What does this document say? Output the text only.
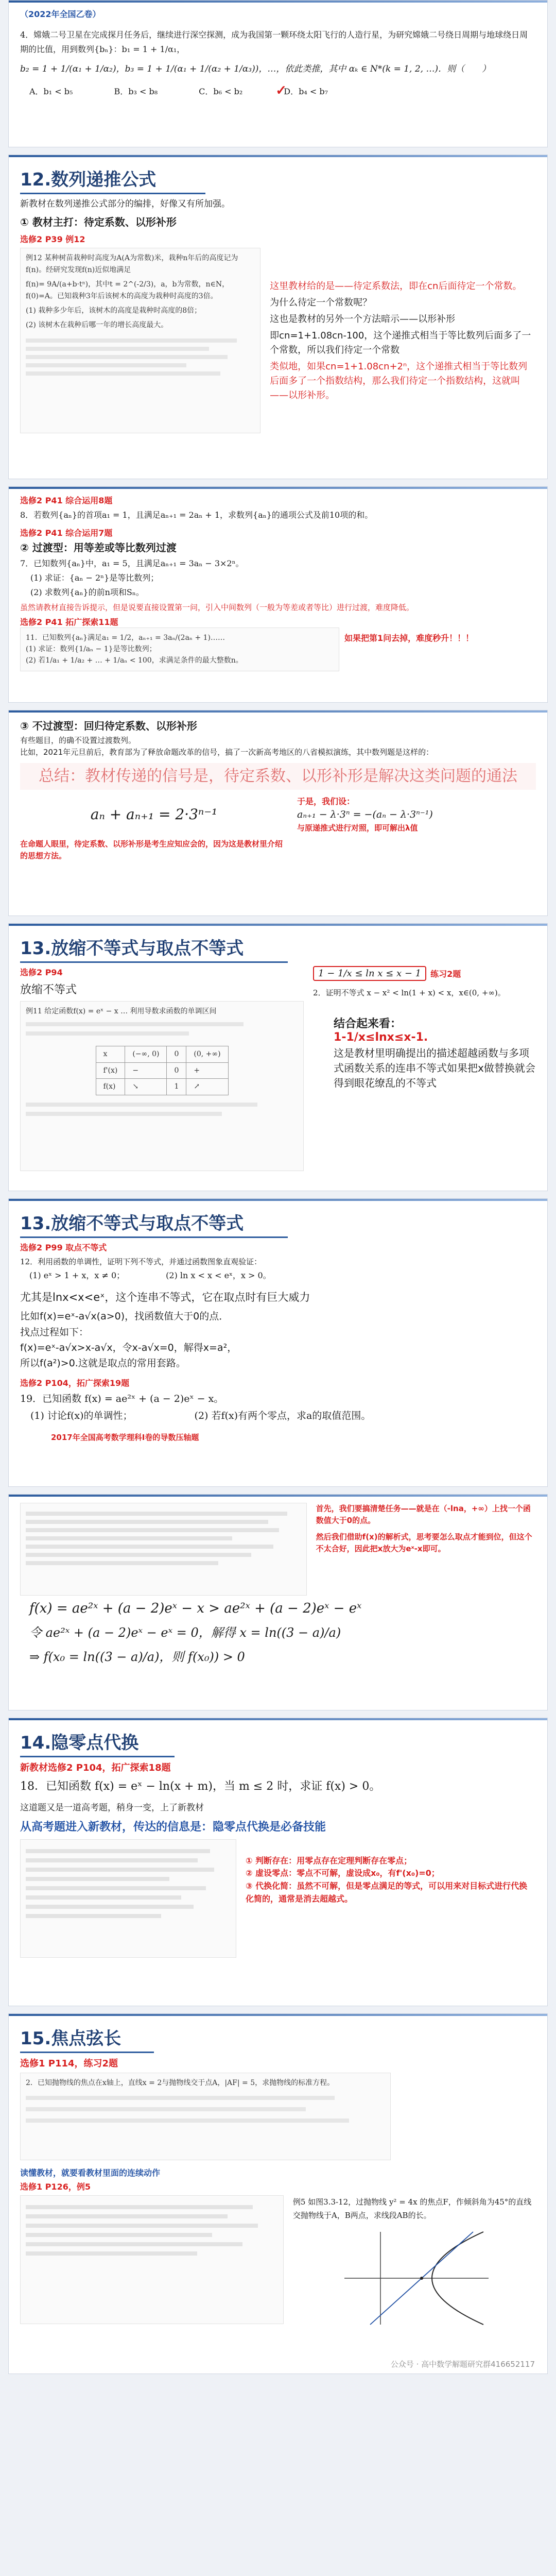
（2022年全国乙卷）

4．嫦娥二号卫星在完成探月任务后，继续进行深空探测，成为我国第一颗环绕太阳飞行的人造行星，为研究嫦娥二号绕日周期与地球绕日周期的比值，用到数列{bₙ}：b₁ = 1 + 1/α₁，

b₂ = 1 + 1/(α₁ + 1/α₂)，b₃ = 1 + 1/(α₁ + 1/(α₂ + 1/α₃))，…，依此类推，其中 αₖ ∈ N*(k = 1, 2, …)．则（　　）

A．b₁ < b₅	B．b₃ < b₈	C．b₆ < b₂ ✓
D．b₄ < b₇
12.数列递推公式

新教材在数列递推公式部分的编排，好像又有所加强。

① 教材主打：待定系数、以形补形

选修2 P39 例12

例12 某种树苗栽种时高度为A(A为常数)米，栽种n年后的高度记为f(n)。经研究发现f(n)近似地满足

f(n)= 9A/(a+b·tⁿ)，其中t = 2^(-2/3)，a，b为常数，n∈N，f(0)=A。已知栽种3年后该树木的高度为栽种时高度的3倍。

(1) 栽种多少年后，该树木的高度是栽种时高度的8倍；

(2) 该树木在栽种后哪一年的增长高度最大。

这里教材给的是——待定系数法，即在cn后面待定一个常数。

为什么待定一个常数呢？

这也是教材的另外一个方法暗示——以形补形

即cn=1+1.08cn-100，这个递推式相当于等比数列后面多了一个常数，所以我们待定一个常数

类似地，如果cn=1+1.08cn+2ⁿ，这个递推式相当于等比数列后面多了一个指数结构，那么我们待定一个指数结构，这就叫——以形补形。

选修2 P41 综合运用8题

8．若数列{aₙ}的首项a₁ = 1，且满足aₙ₊₁ = 2aₙ + 1，求数列{aₙ}的通项公式及前10项的和。

选修2 P41 综合运用7题

② 过渡型：用等差或等比数列过渡

7．已知数列{aₙ}中，a₁ = 5，且满足aₙ₊₁ = 3aₙ − 3×2ⁿ。

(1) 求证：{aₙ − 2ⁿ}是等比数列；

(2) 求数列{aₙ}的前n项和Sₙ。

虽然请教材直接告诉提示，但是说要直接设置第一问，引入中间数列（一般为等差或者等比）进行过渡，难度降低。

选修2 P41 拓广探索11题

11．已知数列{aₙ}满足a₁ = 1/2，aₙ₊₁ = 3aₙ/(2aₙ + 1)……

(1) 求证：数列{1/aₙ − 1}是等比数列；

(2) 若1/a₁ + 1/a₂ + … + 1/aₙ < 100，求满足条件的最大整数n。

如果把第1问去掉，难度秒升！！！

③ 不过渡型：回归待定系数、以形补形

有些题目，的确不设置过渡数列。

比如，2021年元旦前后，教育部为了释放命题改革的信号，搞了一次新高考地区的八省模拟演练，其中数列题是这样的：

总结：教材传递的信号是，待定系数、以形补形是解决这类问题的通法

aₙ + aₙ₊₁ = 2·3ⁿ⁻¹

于是，我们设：

aₙ₊₁ − λ·3ⁿ = −(aₙ − λ·3ⁿ⁻¹)

与原递推式进行对照，即可解出λ值

在命题人眼里，待定系数、以形补形是考生应知应会的，因为这是教材里介绍的思想方法。

13.放缩不等式与取点不等式

选修2 P94

放缩不等式

例11 给定函数f(x) = eˣ − x … 利用导数求函数的单调区间

x	(−∞, 0)	0	(0, +∞)
f'(x)	−	0	+
f(x)	↘	1	↗

1 − 1/x ≤ ln x ≤ x − 1	练习2题

2．证明不等式 x − x² < ln(1 + x) < x，x∈(0, +∞)。

结合起来看：

1-1/x≤lnx≤x-1.

这是教材里明确提出的描述超越函数与多项式函数关系的连串不等式如果把x做替换就会得到眼花缭乱的不等式

13.放缩不等式与取点不等式

选修2 P99 取点不等式

12．利用函数的单调性，证明下列不等式，并通过函数图象直观验证：

(1) eˣ > 1 + x，x ≠ 0；	(2) ln x < x < eˣ，x > 0。

尤其是lnx<x<eˣ，这个连串不等式，它在取点时有巨大威力

比如f(x)=eˣ-a√x(a>0)，找函数值大于0的点．

找点过程如下：

f(x)=eˣ-a√x>x-a√x，令x-a√x=0，解得x=a²，

所以f(a²)>0.这就是取点的常用套路。

选修2 P104，拓广探索19题

19．已知函数 f(x) = ae²ˣ + (a − 2)eˣ − x。

(1) 讨论f(x)的单调性；	(2) 若f(x)有两个零点，求a的取值范围。

2017年全国高考数学理科I卷的导数压轴题

首先，我们要搞清楚任务——就是在（-lna，+∞）上找一个函数值大于0的点。

然后我们借助f(x)的解析式，思考要怎么取点才能到位，但这个不太合好，因此把x放大为eˣ-x即可。

f(x) = ae²ˣ + (a − 2)eˣ − x > ae²ˣ + (a − 2)eˣ − eˣ

令 ae²ˣ + (a − 2)eˣ − eˣ = 0，解得 x = ln((3 − a)/a)

⇒ f(x₀ = ln((3 − a)/a)，则 f(x₀)) > 0

14.隐零点代换

新教材选修2 P104，拓广探索18题

18．已知函数 f(x) = eˣ − ln(x + m)，当 m ≤ 2 时，求证 f(x) > 0。

这道题又是一道高考题，稍身一变，上了新教材

从高考题进入新教材，传达的信息是：隐零点代换是必备技能

① 判断存在：用零点存在定理判断存在零点；

② 虚设零点：零点不可解，虚设成x₀，有f'(x₀)=0；

③ 代换化简：虽然不可解，但是零点满足的等式，可以用来对目标式进行代换化简的，通常是消去超越式。

15.焦点弦长

选修1 P114，练习2题

2．已知抛物线的焦点在x轴上，直线x = 2与抛物线交于点A，|AF| = 5，求抛物线的标准方程。

读懂教材，就要看教材里面的连续动作

选修1 P126，例5

例5 如图3.3-12，过抛物线 y² = 4x 的焦点F，作倾斜角为45°的直线交抛物线于A，B两点，求线段AB的长。

公众号 · 高中数学解题研究群416652117
